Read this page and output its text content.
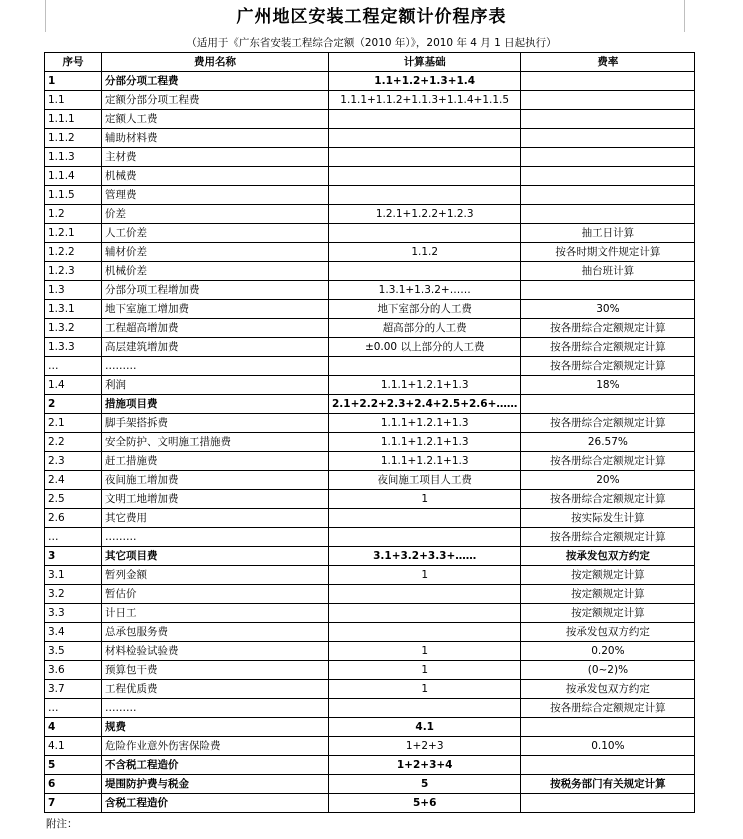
广州地区安装工程定额计价程序表
（适用于《广东省安装工程综合定额（2010 年）》，2010 年 4 月 1 日起执行）
序号	费用名称	计算基础	费率
1	分部分项工程费	1.1+1.2+1.3+1.4	
1.1	定额分部分项工程费	1.1.1+1.1.2+1.1.3+1.1.4+1.1.5	
1.1.1	定额人工费		
1.1.2	辅助材料费		
1.1.3	主材费		
1.1.4	机械费		
1.1.5	管理费		
1.2	价差	1.2.1+1.2.2+1.2.3	
1.2.1	人工价差		抽工日计算
1.2.2	辅材价差	1.1.2	按各时期文件规定计算
1.2.3	机械价差		抽台班计算
1.3	分部分项工程增加费	1.3.1+1.3.2+……	
1.3.1	地下室施工增加费	地下室部分的人工费	30%
1.3.2	工程超高增加费	超高部分的人工费	按各册综合定额规定计算
1.3.3	高层建筑增加费	±0.00 以上部分的人工费	按各册综合定额规定计算
…	………		按各册综合定额规定计算
1.4	利润	1.1.1+1.2.1+1.3	18%
2	措施项目费	2.1+2.2+2.3+2.4+2.5+2.6+……	
2.1	脚手架搭拆费	1.1.1+1.2.1+1.3	按各册综合定额规定计算
2.2	安全防护、文明施工措施费	1.1.1+1.2.1+1.3	26.57%
2.3	赶工措施费	1.1.1+1.2.1+1.3	按各册综合定额规定计算
2.4	夜间施工增加费	夜间施工项目人工费	20%
2.5	文明工地增加费	1	按各册综合定额规定计算
2.6	其它费用		按实际发生计算
…	………		按各册综合定额规定计算
3	其它项目费	3.1+3.2+3.3+……	按承发包双方约定
3.1	暂列金额	1	按定额规定计算
3.2	暂估价		按定额规定计算
3.3	计日工		按定额规定计算
3.4	总承包服务费		按承发包双方约定
3.5	材料检验试验费	1	0.20%
3.6	预算包干费	1	(0~2)%
3.7	工程优质费	1	按承发包双方约定
…	………		按各册综合定额规定计算
4	规费	4.1	
4.1	危险作业意外伤害保险费	1+2+3	0.10%
5	不含税工程造价	1+2+3+4	
6	堤围防护费与税金	5	按税务部门有关规定计算
7	含税工程造价	5+6	
附注：
